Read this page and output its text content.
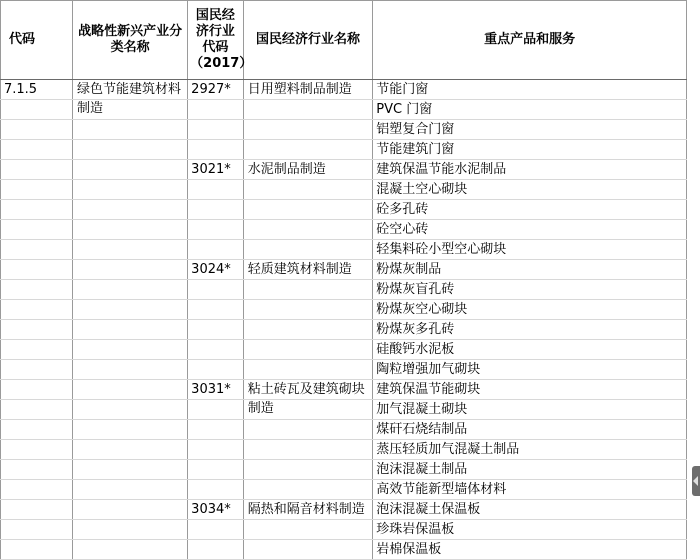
代码	战略性新兴产业分类名称	国民经济行业代码（2017）	国民经济行业名称	重点产品和服务
7.1.5	绿色节能建筑材料制造	2927*	日用塑料制品制造	节能门窗
				PVC 门窗
				铝塑复合门窗
				节能建筑门窗
		3021*	水泥制品制造	建筑保温节能水泥制品
				混凝土空心砌块
				砼多孔砖
				砼空心砖
				轻集料砼小型空心砌块
		3024*	轻质建筑材料制造	粉煤灰制品
				粉煤灰盲孔砖
				粉煤灰空心砌块
				粉煤灰多孔砖
				硅酸钙水泥板
				陶粒增强加气砌块
		3031*	粘土砖瓦及建筑砌块制造	建筑保温节能砌块
				加气混凝土砌块
				煤矸石烧结制品
				蒸压轻质加气混凝土制品
				泡沫混凝土制品
				高效节能新型墙体材料
		3034*	隔热和隔音材料制造	泡沫混凝土保温板
				珍珠岩保温板
				岩棉保温板
